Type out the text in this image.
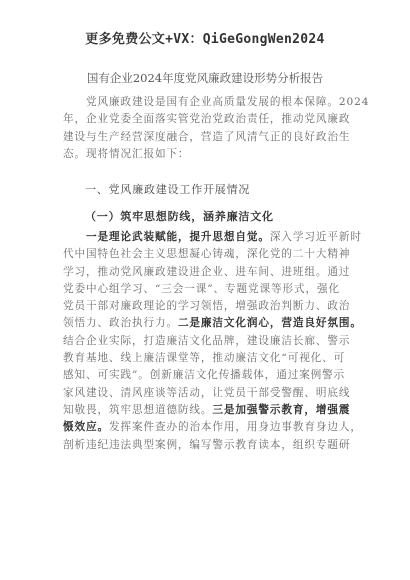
更多免费公文+VX：QiGeGongWen2024
国有企业2024年度党风廉政建设形势分析报告
　　党风廉政建设是国有企业高质量发展的根本保障。2024
年，企业党委全面落实管党治党政治责任，推动党风廉政
建设与生产经营深度融合，营造了风清气正的良好政治生
态。现将情况汇报如下：
一、党风廉政建设工作开展情况
（一）筑牢思想防线，涵养廉洁文化
　　一是理论武装赋能，提升思想自觉。深入学习近平新时
代中国特色社会主义思想凝心铸魂，深化党的二十大精神
学习，推动党风廉政建设进企业、进车间、进班组。通过
党委中心组学习、“三会一课”、专题党课等形式，强化
党员干部对廉政理论的学习领悟，增强政治判断力、政治
领悟力、政治执行力。二是廉洁文化润心，营造良好氛围。
结合企业实际，打造廉洁文化品牌，建设廉洁长廊、警示
教育基地、线上廉洁课堂等，推动廉洁文化“可视化、可
感知、可实践”。创新廉洁文化传播载体，通过案例警示
家风建设、清风座谈等活动，让党员干部受警醒、明底线
知敬畏，筑牢思想道德防线。三是加强警示教育，增强震
慑效应。发挥案件查办的治本作用，用身边事教育身边人，
剖析违纪违法典型案例，编写警示教育读本，组织专题研
